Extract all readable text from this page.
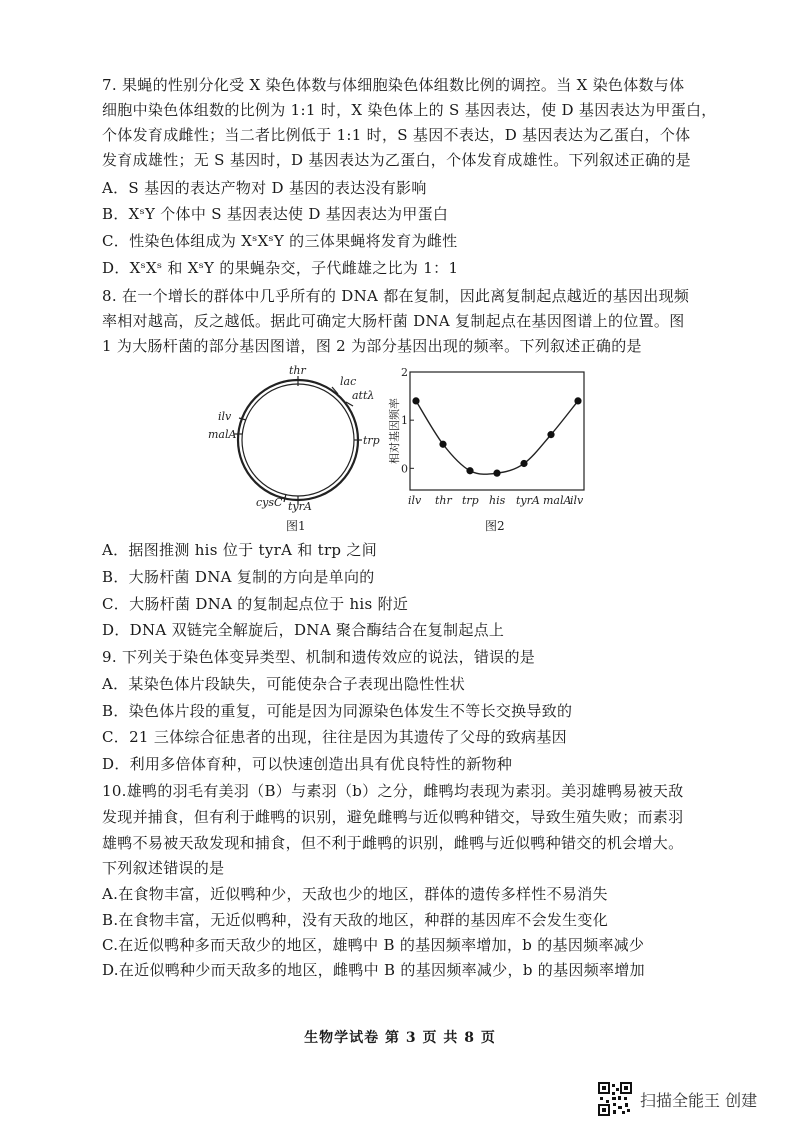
7. 果蝇的性别分化受 X 染色体数与体细胞染色体组数比例的调控。当 X 染色体数与体
细胞中染色体组数的比例为 1:1 时，X 染色体上的 S 基因表达，使 D 基因表达为甲蛋白，
个体发育成雌性；当二者比例低于 1:1 时，S 基因不表达，D 基因表达为乙蛋白，个体
发育成雄性；无 S 基因时，D 基因表达为乙蛋白，个体发育成雄性。下列叙述正确的是
A．S 基因的表达产物对 D 基因的表达没有影响
B．XˢY 个体中 S 基因表达使 D 基因表达为甲蛋白
C．性染色体组成为 XˢXˢY 的三体果蝇将发育为雌性
D．XˢXˢ 和 XˢY 的果蝇杂交，子代雌雄之比为 1：1
8. 在一个增长的群体中几乎所有的 DNA 都在复制，因此离复制起点越近的基因出现频
率相对越高，反之越低。据此可确定大肠杆菌 DNA 复制起点在基因图谱上的位置。图
1 为大肠杆菌的部分基因图谱，图 2 为部分基因出现的频率。下列叙述正确的是
thr
lac
attλ
trp
tyrA
cysC
malA
ilv
图1
相对基因频率
图2
0
1
2
ilv thr trp his tyrA malA
ilv
A．据图推测 his 位于 tyrA 和 trp 之间
B．大肠杆菌 DNA 复制的方向是单向的
C．大肠杆菌 DNA 的复制起点位于 his 附近
D．DNA 双链完全解旋后，DNA 聚合酶结合在复制起点上
9. 下列关于染色体变异类型、机制和遗传效应的说法，错误的是
A．某染色体片段缺失，可能使杂合子表现出隐性性状
B．染色体片段的重复，可能是因为同源染色体发生不等长交换导致的
C．21 三体综合征患者的出现，往往是因为其遗传了父母的致病基因
D．利用多倍体育种，可以快速创造出具有优良特性的新物种
10.雄鸭的羽毛有美羽（B）与素羽（b）之分，雌鸭均表现为素羽。美羽雄鸭易被天敌
发现并捕食，但有利于雌鸭的识别，避免雌鸭与近似鸭种错交，导致生殖失败；而素羽
雄鸭不易被天敌发现和捕食，但不利于雌鸭的识别，雌鸭与近似鸭种错交的机会增大。
下列叙述错误的是
A.在食物丰富，近似鸭种少，天敌也少的地区，群体的遗传多样性不易消失
B.在食物丰富，无近似鸭种，没有天敌的地区，种群的基因库不会发生变化
C.在近似鸭种多而天敌少的地区，雄鸭中 B 的基因频率增加，b 的基因频率减少
D.在近似鸭种少而天敌多的地区，雌鸭中 B 的基因频率减少，b 的基因频率增加
生物学试卷 第 3 页 共 8 页
扫描全能王 创建
